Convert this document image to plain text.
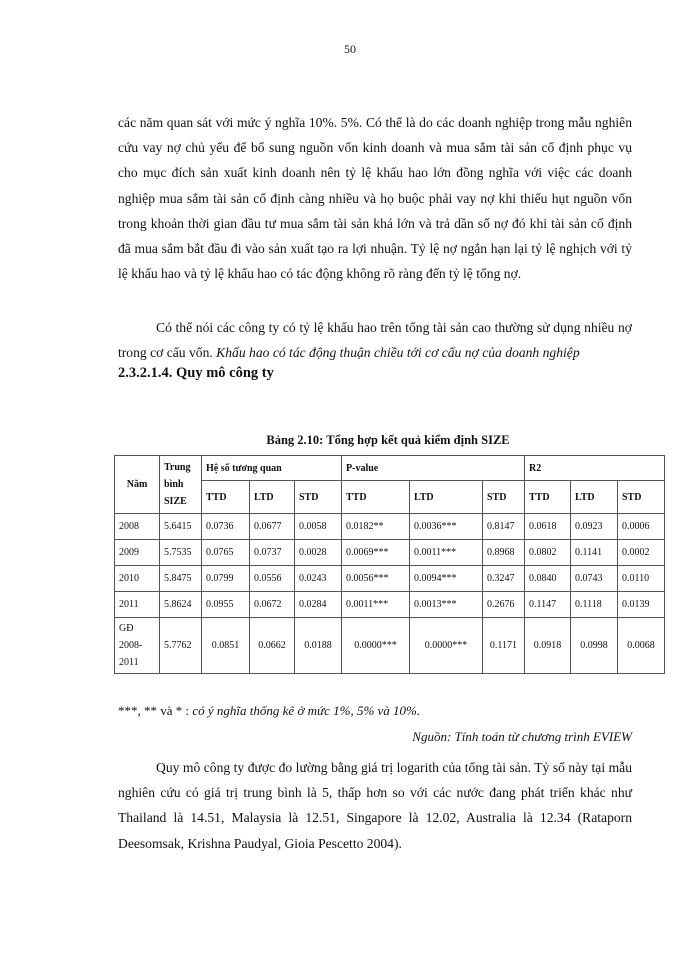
50

các năm quan sát với mức ý nghĩa 10%. 5%. Có thể là do các doanh nghiệp trong mẫu nghiên cứu vay nợ chủ yếu để bổ sung nguồn vốn kinh doanh và mua sắm tài sản cố định phục vụ cho mục đích sản xuất kinh doanh nên tỷ lệ khấu hao lớn đồng nghĩa với việc các doanh nghiệp mua sắm tài sản cố định càng nhiều và họ buộc phải vay nợ khi thiếu hụt nguồn vốn trong khoản thời gian đầu tư mua sắm tài sản khá lớn và trả dần số nợ đó khi tài sản cố định đã mua sắm bắt đầu đi vào sản xuất tạo ra lợi nhuận. Tỷ lệ nợ ngắn hạn lại tỷ lệ nghịch với tỷ lệ khấu hao và tỷ lệ khấu hao có tác động không rõ ràng đến tỷ lệ tổng nợ.

Có thể nói các công ty có tỷ lệ khấu hao trên tổng tài sản cao thường sử dụng nhiều nợ trong cơ cấu vốn. Khấu hao có tác động thuận chiều tới cơ cấu nợ của doanh nghiệp

2.3.2.1.4. Quy mô công ty
Bảng 2.10: Tổng hợp kết quả kiểm định SIZE
Năm	Trung bình SIZE	Hệ số tương quan			P-value			R2		
		TTD	LTD	STD	TTD	LTD	STD	TTD	LTD	STD
2008	5.6415	0.0736	0.0677	0.0058	0.0182**	0.0036***	0.8147	0.0618	0.0923	0.0006
2009	5.7535	0.0765	0.0737	0.0028	0.0069***	0.0011***	0.8968	0.0802	0.1141	0.0002
2010	5.8475	0.0799	0.0556	0.0243	0.0056***	0.0094***	0.3247	0.0840	0.0743	0.0110
2011	5.8624	0.0955	0.0672	0.0284	0.0011***	0.0013***	0.2676	0.1147	0.1118	0.0139
GĐ 2008-2011	5.7762	0.0851	0.0662	0.0188	0.0000***	0.0000***	0.1171	0.0918	0.0998	0.0068

***, ** và * : có ý nghĩa thống kê ở mức 1%, 5% và 10%.

Nguồn: Tính toán từ chương trình EVIEW

Quy mô công ty được đo lường bằng giá trị logarith của tổng tài sản. Tỷ số này tại mẫu nghiên cứu có giá trị trung bình là 5, thấp hơn so với các nước đang phát triển khác như Thailand là 14.51, Malaysia là 12.51, Singapore là 12.02, Australia là 12.34 (Rataporn Deesomsak, Krishna Paudyal, Gioia Pescetto 2004).
